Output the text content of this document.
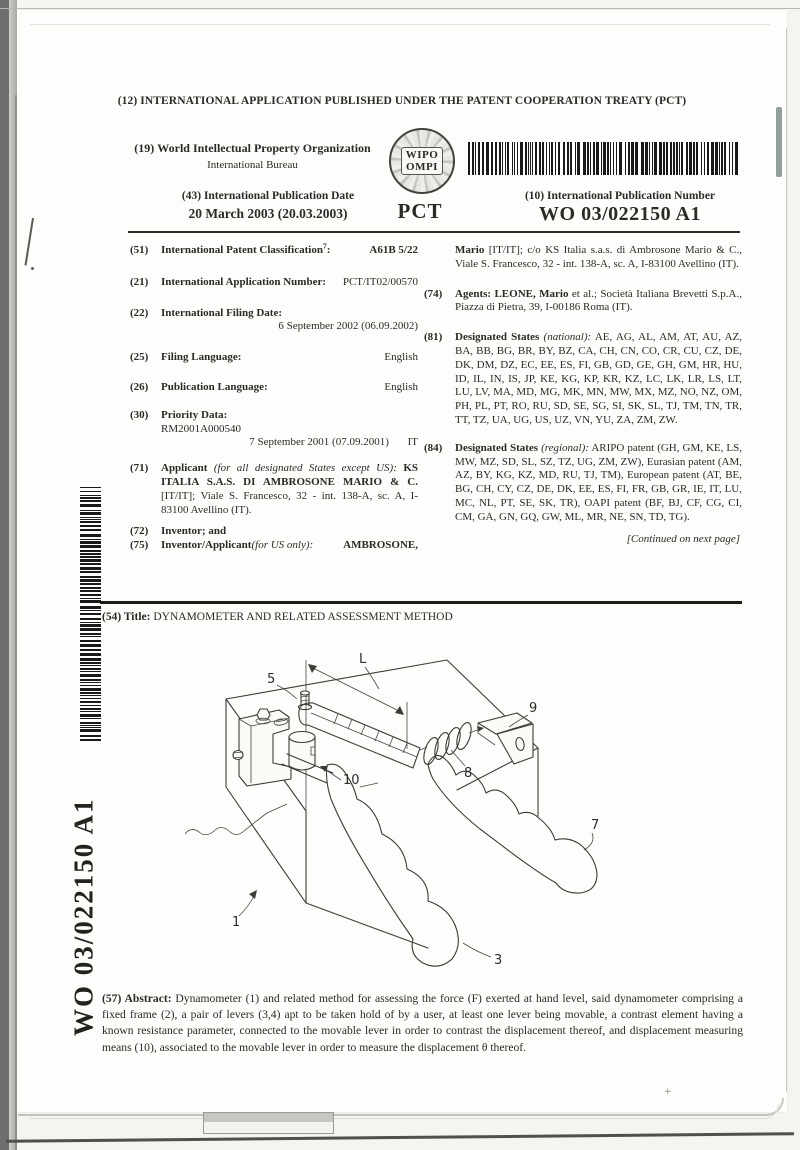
(12) INTERNATIONAL APPLICATION PUBLISHED UNDER THE PATENT COOPERATION TREATY (PCT)
(19) World Intellectual Property Organization
International Bureau
WIPO
OMPI
(43) International Publication Date
20 March 2003 (20.03.2003)	PCT
(10) International Publication Number
WO 03/022150 A1
(51)	International Patent Classification$^7$:	A61B 5/22
(21)	International Application Number: PCT/IT02/00570
(22)	International Filing Date:
6 September 2002 (06.09.2002)
(25)	Filing Language:	English
(26)	Publication Language:	English
(30)	Priority Data:
RM2001A000540
7 September 2001 (07.09.2001) IT
(71)	Applicant (for all designated States except US): KS ITALIA S.A.S. DI AMBROSONE MARIO & C. [IT/IT]; Viale S. Francesco, 32 - int. 138-A, sc. A, I-83100 Avellino (IT).
(72)	Inventor; and
(75)	Inventor/Applicant (for US only):	AMBROSONE,
Mario [IT/IT]; c/o KS Italia s.a.s. di Ambrosone Mario & C., Viale S. Francesco, 32 - int. 138-A, sc. A, I-83100 Avellino (IT).
(74)	Agents: LEONE, Mario et al.; Società Italiana Brevetti S.p.A., Piazza di Pietra, 39, I-00186 Roma (IT).
(81)	Designated States (national): AE, AG, AL, AM, AT, AU, AZ, BA, BB, BG, BR, BY, BZ, CA, CH, CN, CO, CR, CU, CZ, DE, DK, DM, DZ, EC, EE, ES, FI, GB, GD, GE, GH, GM, HR, HU, ID, IL, IN, IS, JP, KE, KG, KP, KR, KZ, LC, LK, LR, LS, LT, LU, LV, MA, MD, MG, MK, MN, MW, MX, MZ, NO, NZ, OM, PH, PL, PT, RO, RU, SD, SE, SG, SI, SK, SL, TJ, TM, TN, TR, TT, TZ, UA, UG, US, UZ, VN, YU, ZA, ZM, ZW.
(84)	Designated States (regional): ARIPO patent (GH, GM, KE, LS, MW, MZ, SD, SL, SZ, TZ, UG, ZM, ZW), Eurasian patent (AM, AZ, BY, KG, KZ, MD, RU, TJ, TM), European patent (AT, BE, BG, CH, CY, CZ, DE, DK, EE, ES, FI, FR, GB, GR, IE, IT, LU, MC, NL, PT, SE, SK, TR), OAPI patent (BF, BJ, CF, CG, CI, CM, GA, GN, GQ, GW, ML, MR, NE, SN, TD, TG).
[Continued on next page]
(54) Title: DYNAMOMETER AND RELATED ASSESSMENT METHOD
L
5
9
10	8
7
1
3
(57) Abstract: Dynamometer (1) and related method for assessing the force (F) exerted at hand level, said dynamometer comprising a fixed frame (2), a pair of levers (3,4) apt to be taken hold of by a user, at least one lever being movable, a contrast element having a known resistance parameter, connected to the movable lever in order to contrast the displacement thereof, and displacement measuring means (10), associated to the movable lever in order to measure the displacement θ thereof.
WO 03/022150 A1
+
